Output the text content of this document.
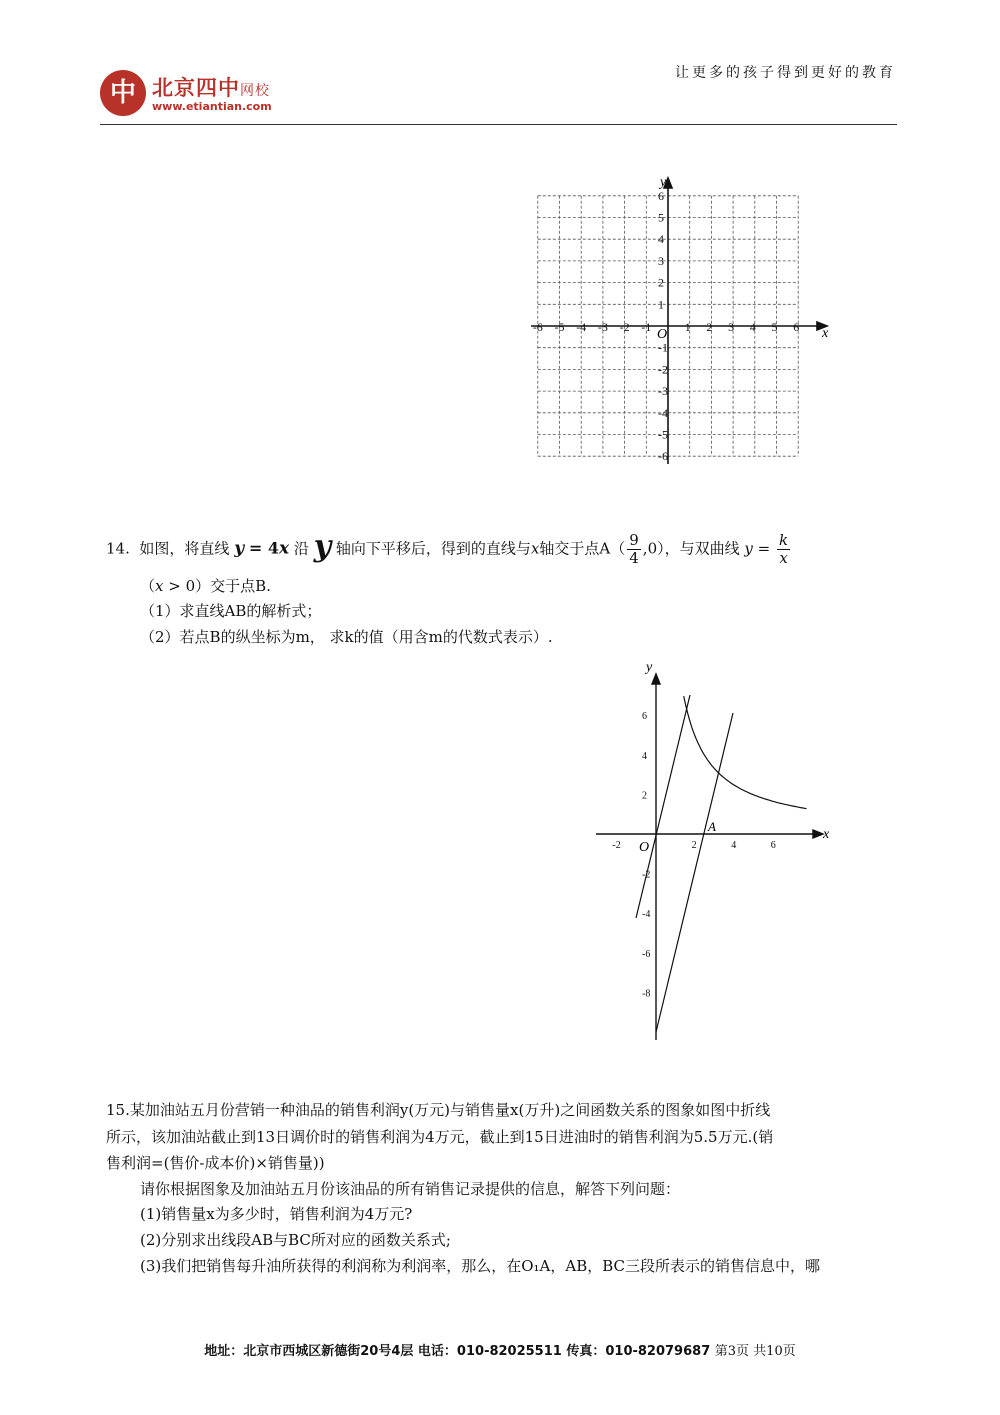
中 北京四中网校
www.etiantian.com
让更多的孩子得到更好的教育
-6 -5 -4 -3 -2 -1	1 2 3 4 5 6
6
5
4
3
2
1
-1
-2
-3
-4
-5
-6
x
y
O
14. 如图，将直线 y = 4x 沿 y 轴向下平移后，得到的直线与x轴交于点$A( \frac{9}{4} ,0)$，与双曲线 $y = \frac{k}{x}$
（x > 0）交于点B.
（1）求直线AB的解析式；
（2）若点B的纵坐标为m， 求k的值（用含m的代数式表示）.
-2	2	4	6
6
4
2
-2
-4
-6
-8
x
y
O
A
15.某加油站五月份营销一种油品的销售利润y(万元)与销售量x(万升)之间函数关系的图象如图中折线
所示，该加油站截止到13日调价时的销售利润为4万元，截止到15日进油时的销售利润为5.5万元.(销
售利润=(售价-成本价)×销售量))
请你根据图象及加油站五月份该油品的所有销售记录提供的信息，解答下列问题：
(1)销售量x为多少时，销售利润为4万元?
(2)分别求出线段AB与BC所对应的函数关系式;
(3)我们把销售每升油所获得的利润称为利润率，那么，在O₁A，AB，BC三段所表示的销售信息中，哪
地址：北京市西城区新德街20号4层 电话：010-82025511 传真：010-82079687 第3页 共10页
